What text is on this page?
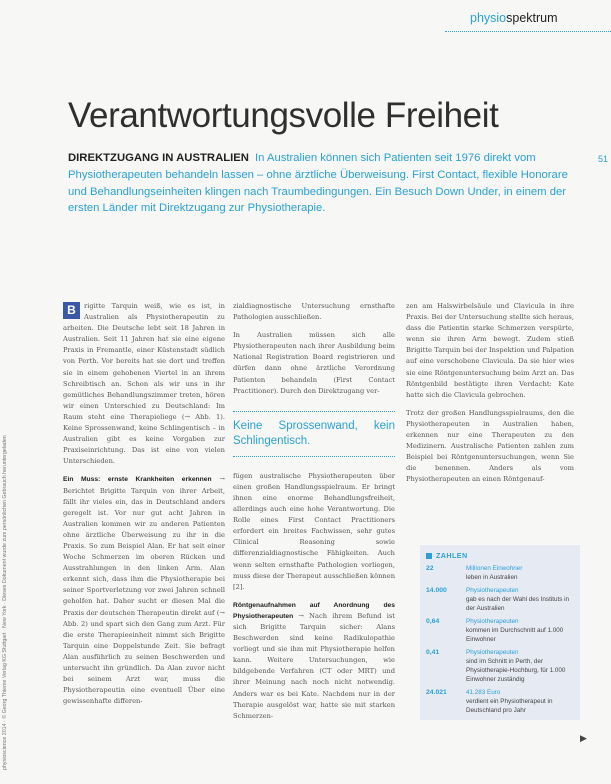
physiospektrum
51
Verantwortungsvolle Freiheit
DIREKTZUGANG IN AUSTRALIEN In Australien können sich Patienten seit 1976 direkt vom Physiotherapeuten behandeln lassen – ohne ärztliche Überweisung. First Contact, flexible Honorare und Behandlungseinheiten klingen nach Traumbedingungen. Ein Besuch Down Under, in einem der ersten Länder mit Direktzugang zur Physiotherapie.

B	rigitte Tarquin weiß, wie es ist, in Australien als Physiotherapeutin zu arbeiten. Die Deutsche lebt seit 18 Jahren in Australien. Seit 11 Jahren hat sie eine eigene Praxis in Fremantle, einer Küstenstadt südlich von Perth. Vor bereits hat sie dort und treffen sie in einem gehobenen Viertel in an ihrem Schreibtisch an. Schon als wir uns in ihr gemütliches Behandlungszimmer treten, hören wir einen Unterschied zu Deutschland: Im Raum steht eine Therapieliege (→ Abb. 1). Keine Sprossenwand, keine Schlingentisch – in Australien gibt es keine Vorgaben zur Praxiseinrichtung. Das ist eine von vielen Unterschieden.

Ein Muss: ernste Krankheiten erkennen → Berichtet Brigitte Tarquin von ihrer Arbeit, fällt ihr vieles ein, das in Deutschland anders geregelt ist. Vor nur gut acht Jahren in Australien kommen wir zu anderen Patienten ohne ärztliche Überweisung zu ihr in die Praxis. So zum Beispiel Alan. Er hat seit einer Woche Schmerzen im oberen Rücken und Ausstrahlungen in den linken Arm. Alan erkennt sich, dass ihm die Physiotherapie bei seiner Sportverletzung vor zwei Jahren schnell geholfen hat. Daher sucht er diesen Mal die Praxis der deutschen Therapeutin direkt auf (→ Abb. 2) und spart sich den Gang zum Arzt. Für die erste Therapieeinheit nimmt sich Brigitte Tarquin eine Doppelstunde Zeit. Sie befragt Alan ausführlich zu seinen Beschwerden und untersucht ihn gründlich. Da Alan zuvor nicht bei seinem Arzt war, muss die Physiotherapeutin eine eventuell Über eine gewissenhafte differen-

zialdiagnostische Untersuchung ernsthafte Pathologien ausschließen.

In Australien müssen sich alle Physiotherapeuten nach ihrer Ausbildung beim National Registration Board registrieren und dürfen dann ohne ärztliche Verordnung Patienten behandeln (First Contact Practitioner). Durch den Direktzugang ver-

Keine Sprossenwand, kein Schlingentisch.

fügen australische Physiotherapeuten über einen großen Handlungsspielraum. Er bringt ihnen eine enorme Behandlungsfreiheit, allerdings auch eine hohe Verantwortung. Die Rolle eines First Contact Practitioners erfordert ein breites Fachwissen, sehr gutes Clinical Reasoning sowie differenzialdiagnostische Fähigkeiten. Auch wenn selten ernsthafte Pathologien vorliegen, muss diese der Therapeut ausschließen können [2].

Röntgenaufnahmen auf Anordnung des Physiotherapeuten → Nach ihrem Befund ist sich Brigitte Tarquin sicher: Alans Beschwerden sind keine Radikulopathie vorliegt und sie ihm mit Physiotherapie helfen kann. Weitere Untersuchungen, wie bildgebende Verfahren (CT oder MRT) und ihrer Meinung nach noch nicht notwendig. Anders war es bei Kate. Nachdem nur in der Therapie ausgelöst war, hatte sie mit starken Schmerzen-

zen am Halswirbelsäule und Clavicula in ihre Praxis. Bei der Untersuchung stellte sich heraus, dass die Patientin starke Schmerzen verspürte, wenn sie ihren Arm bewegt. Zudem stieß Brigitte Tarquin bei der Inspektion und Palpation auf eine verschobene Clavicula. Da sie hier wies sie eine Röntgenuntersuchung beim Arzt an. Das Röntgenbild bestätigte ihren Verdacht: Kate hatte sich die Clavicula gebrochen.

Trotz der großen Handlungsspielraums, den die Physiotherapeuten in Australien haben, erkennen nur eine Therapeuten zu den Medizinern. Australische Patienten zahlen zum Beispiel bei Röntgenuntersuchungen, wenn Sie die benennen. Anders als vom Physiotherapeuten an einen Röntgenauf-

ZAHLEN
22	Millionen Einwohner
leben in Australien
14.000	Physiotherapeuten
gab es nach der Wahl des Instituts in der Australien
0,64	Physiotherapeuten
kommen im Durchschnitt auf 1.000 Einwohner
0,41	Physiotherapeuten
sind im Schnitt in Perth, der Physiotherapie-Hochburg, für 1.000 Einwohner zuständig
24.021	41.283 Euro
verdient ein Physiotherapeut in Deutschland pro Jahr
physioscience 2014 · © Georg Thieme Verlag KG Stuttgart · New York · Dieses Dokument wurde zum persönlichen Gebrauch heruntergeladen	▶
